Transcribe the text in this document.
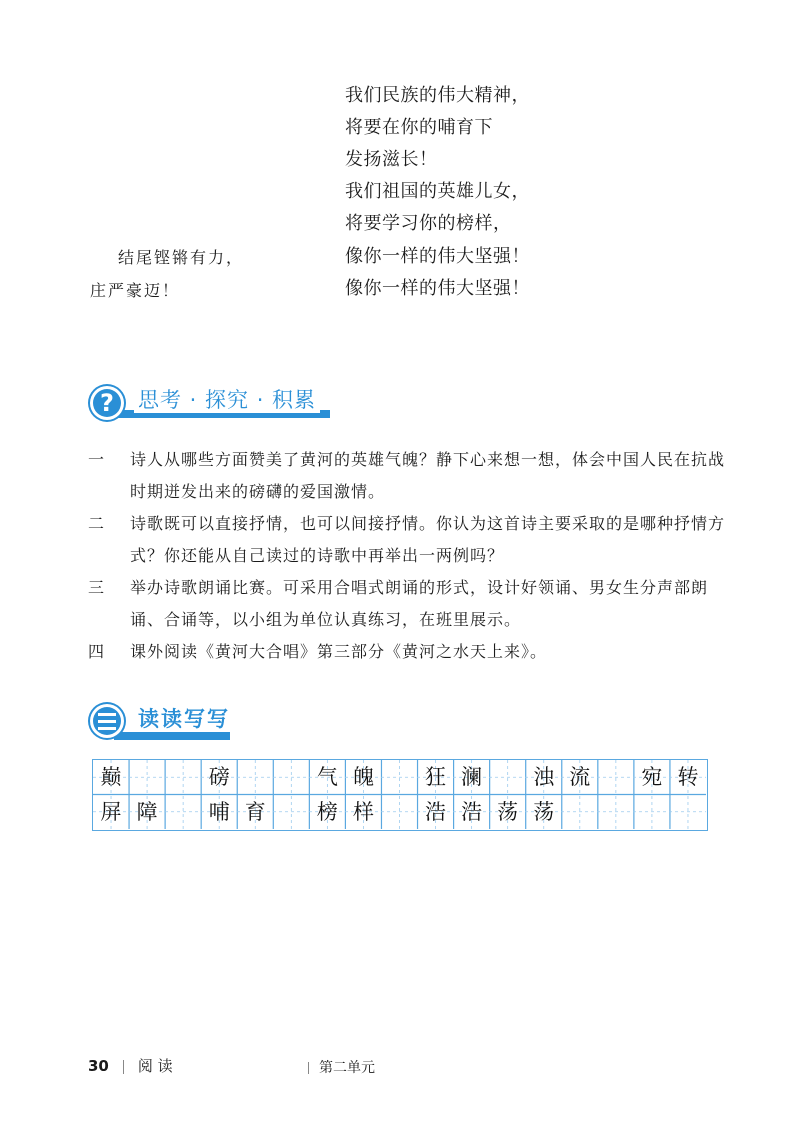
我们民族的伟大精神，
将要在你的哺育下
发扬滋长！
我们祖国的英雄儿女，
将要学习你的榜样，
像你一样的伟大坚强！
像你一样的伟大坚强！
结尾铿锵有力，
庄严豪迈！
?	思考 · 探究 · 积累
一	诗人从哪些方面赞美了黄河的英雄气魄？静下心来想一想，体会中国人民在抗战时期迸发出来的磅礴的爱国激情。
二	诗歌既可以直接抒情，也可以间接抒情。你认为这首诗主要采取的是哪种抒情方式？你还能从自己读过的诗歌中再举出一两例吗？
三	举办诗歌朗诵比赛。可采用合唱式朗诵的形式，设计好领诵、男女生分声部朗诵、合诵等，以小组为单位认真练习，在班里展示。
四	课外阅读《黄河大合唱》第三部分《黄河之水天上来》。
读读写写
巅	磅	气 魄	狂 澜	浊 流	宛 转
屏 障	哺 育	榜 样	浩 浩 荡 荡
30 阅 读	第二单元
